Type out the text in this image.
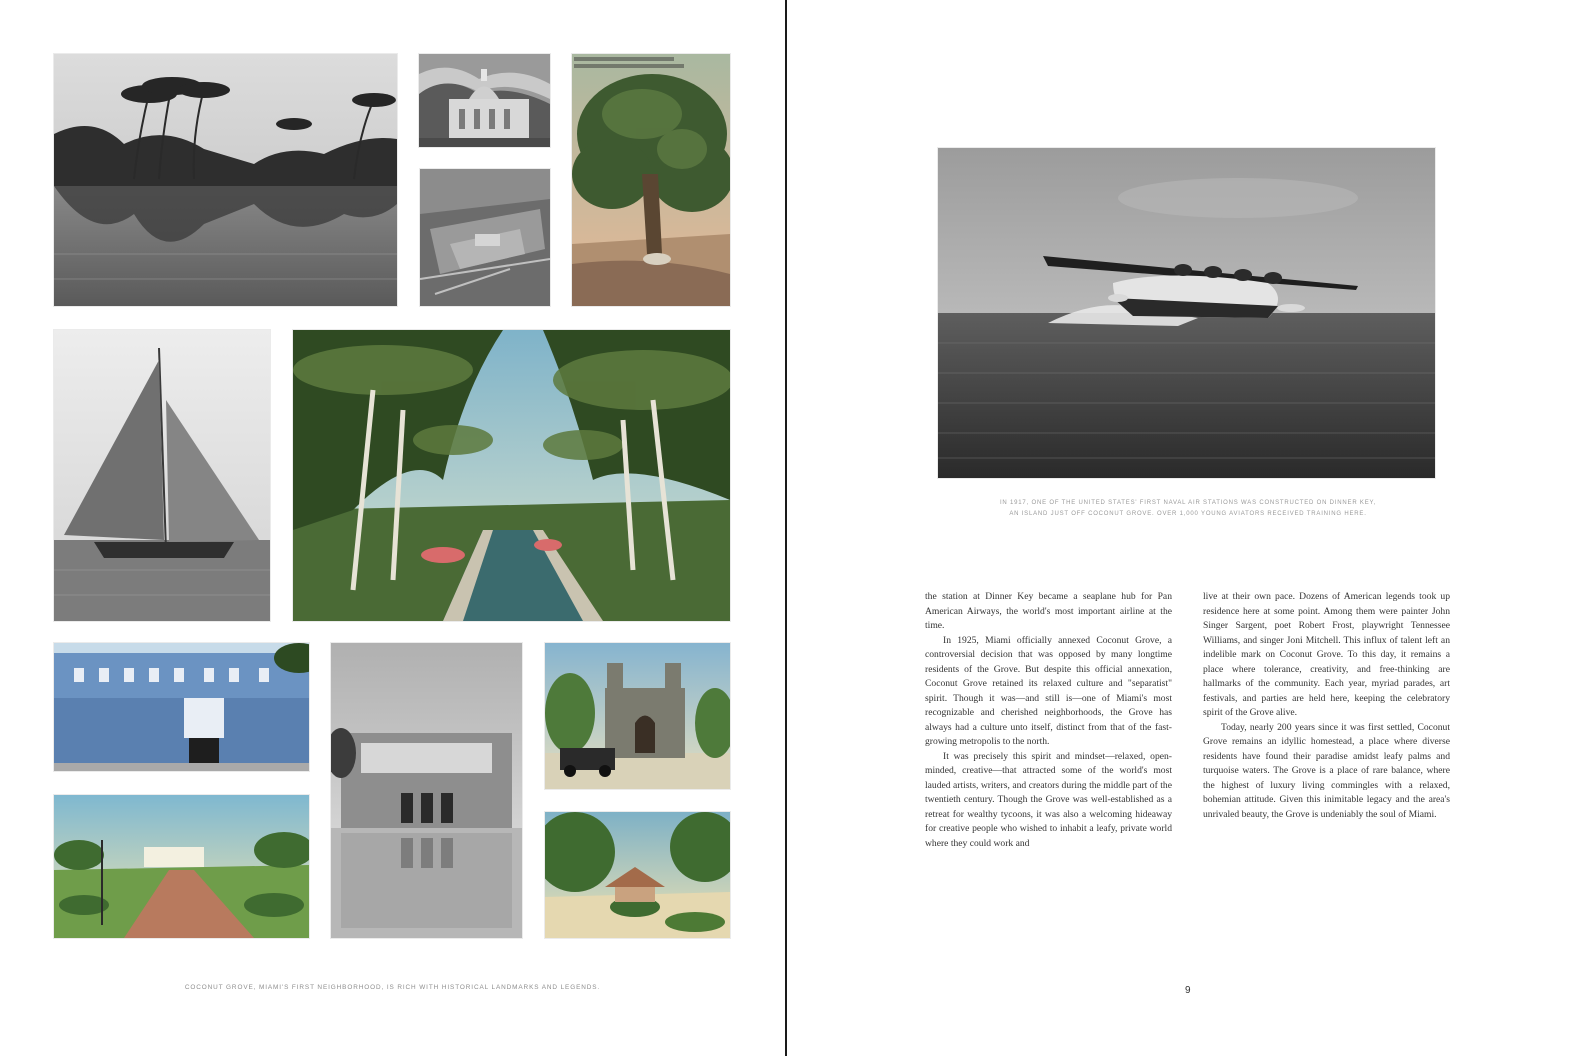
COCONUT GROVE, MIAMI'S FIRST NEIGHBORHOOD, IS RICH WITH HISTORICAL LANDMARKS AND LEGENDS.
IN 1917, ONE OF THE UNITED STATES' FIRST NAVAL AIR STATIONS WAS CONSTRUCTED ON DINNER KEY,
AN ISLAND JUST OFF COCONUT GROVE. OVER 1,000 YOUNG AVIATORS RECEIVED TRAINING HERE.

the station at Dinner Key became a seaplane hub for Pan American Airways, the world's most important airline at the time.

In 1925, Miami officially annexed Coconut Grove, a controversial decision that was opposed by many longtime residents of the Grove. But despite this official annexation, Coconut Grove retained its relaxed culture and "separatist" spirit. Though it was—and still is—one of Miami's most recognizable and cherished neighborhoods, the Grove has always had a culture unto itself, distinct from that of the fast-growing metropolis to the north.

It was precisely this spirit and mindset—relaxed, open-minded, creative—that attracted some of the world's most lauded artists, writers, and creators during the middle part of the twentieth century. Though the Grove was well-established as a retreat for wealthy tycoons, it was also a welcoming hideaway for creative people who wished to inhabit a leafy, private world where they could work and

live at their own pace. Dozens of American legends took up residence here at some point. Among them were painter John Singer Sargent, poet Robert Frost, playwright Tennessee Williams, and singer Joni Mitchell. This influx of talent left an indelible mark on Coconut Grove. To this day, it remains a place where tolerance, creativity, and free-thinking are hallmarks of the community. Each year, myriad parades, art festivals, and parties are held here, keeping the celebratory spirit of the Grove alive.

Today, nearly 200 years since it was first settled, Coconut Grove remains an idyllic homestead, a place where diverse residents have found their paradise amidst leafy palms and turquoise waters. The Grove is a place of rare balance, where the highest of luxury living commingles with a relaxed, bohemian attitude. Given this inimitable legacy and the area's unrivaled beauty, the Grove is undeniably the soul of Miami.

9
